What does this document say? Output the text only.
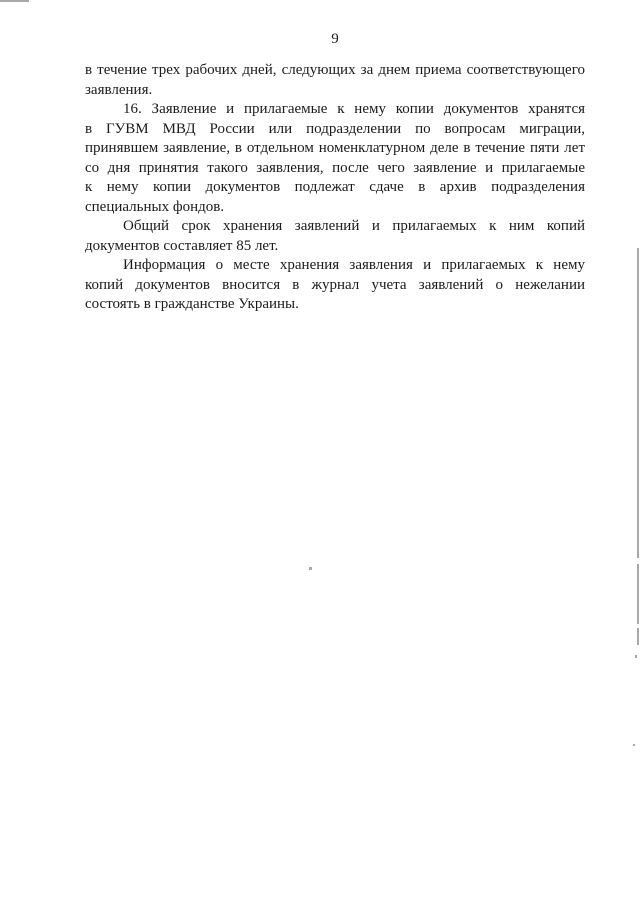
9
в течение трех рабочих дней, следующих за днем приема соответствующего
заявления.
16. Заявление и прилагаемые к нему копии документов хранятся
в ГУВМ МВД России или подразделении по вопросам миграции,
принявшем заявление, в отдельном номенклатурном деле в течение пяти лет
со дня принятия такого заявления, после чего заявление и прилагаемые
к нему копии документов подлежат сдаче в архив подразделения
специальных фондов.
Общий срок хранения заявлений и прилагаемых к ним копий
документов составляет 85 лет.
Информация о месте хранения заявления и прилагаемых к нему
копий документов вносится в журнал учета заявлений о нежелании
состоять в гражданстве Украины.
